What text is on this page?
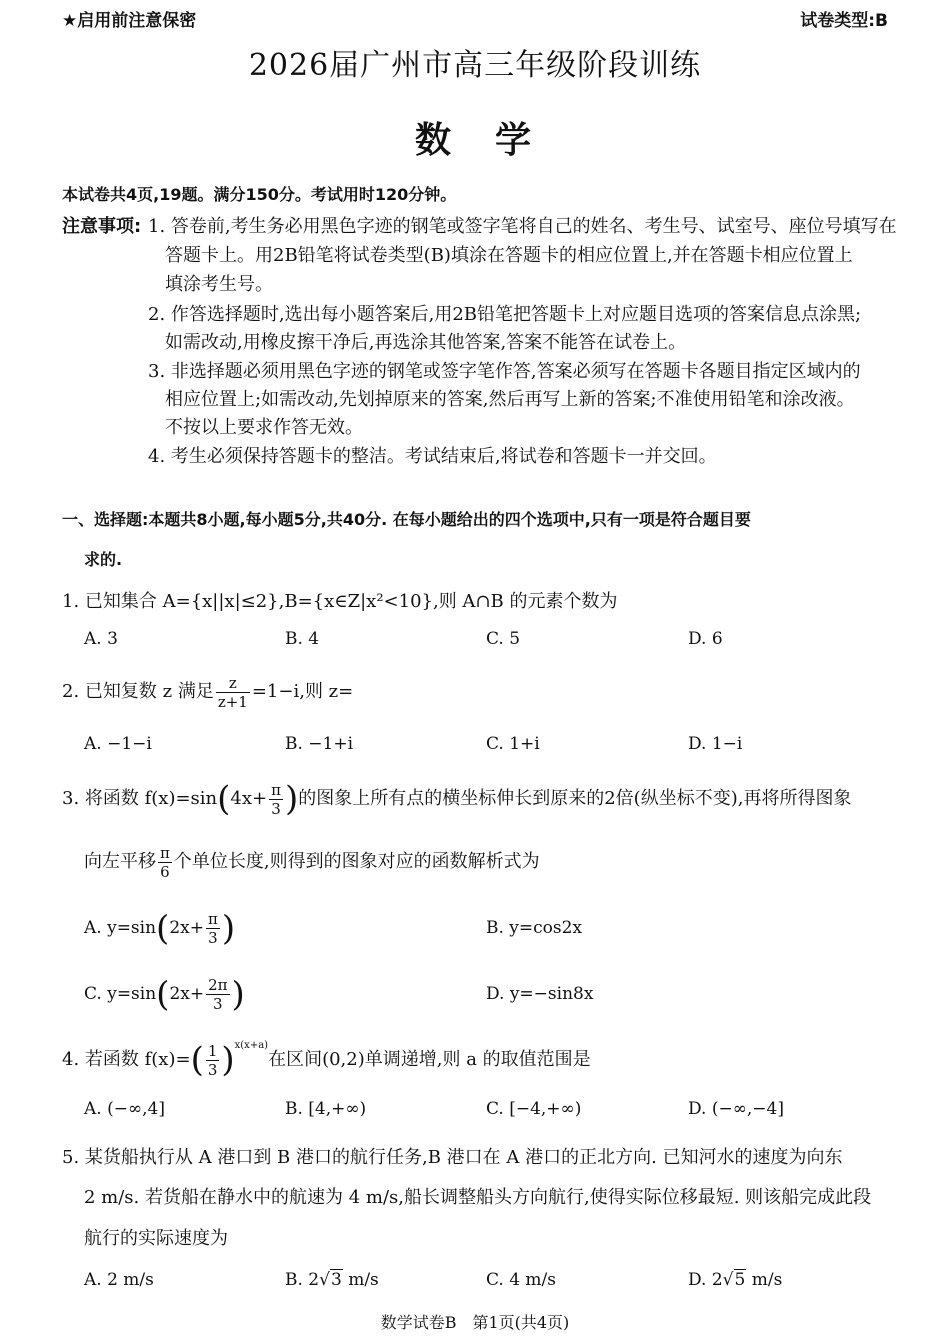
★启用前注意保密	试卷类型:B
2026届广州市高三年级阶段训练
数　学
本试卷共4页,19题。满分150分。考试用时120分钟。
注意事项: 1. 答卷前,考生务必用黑色字迹的钢笔或签字笔将自己的姓名、考生号、试室号、座位号填写在
答题卡上。用2B铅笔将试卷类型(B)填涂在答题卡的相应位置上,并在答题卡相应位置上
填涂考生号。
2. 作答选择题时,选出每小题答案后,用2B铅笔把答题卡上对应题目选项的答案信息点涂黑;
如需改动,用橡皮擦干净后,再选涂其他答案,答案不能答在试卷上。
3. 非选择题必须用黑色字迹的钢笔或签字笔作答,答案必须写在答题卡各题目指定区域内的
相应位置上;如需改动,先划掉原来的答案,然后再写上新的答案;不准使用铅笔和涂改液。
不按以上要求作答无效。
4. 考生必须保持答题卡的整洁。考试结束后,将试卷和答题卡一并交回。
一、选择题:本题共8小题,每小题5分,共40分. 在每小题给出的四个选项中,只有一项是符合题目要
求的.
1. 已知集合 A={x||x|≤2},B={x∈Z|x²<10},则 A∩B 的元素个数为
A. 3	B. 4	C. 5	D. 6
2. 已知复数 z 满足 $\frac{z}{z+1} =1-i$,则 z=
A. −1−i	B. −1+i	C. 1+i	D. 1−i
3. 将函数 $f(x)=\sin(4x+ \frac{\pi}{3}$ )的图象上所有点的横坐标伸长到原来的2倍(纵坐标不变),再将所得图象
向左平移 $\frac{\pi}{6}$ 个单位长度,则得到的图象对应的函数解析式为
A. $y=\sin(2x+ \frac{\pi}{3}$ )	B. y=cos2x
C. $y=\sin(2x+ \frac{2\pi}{3}$ )	D. y=−sin8x
4. 若函数 $f(x)=( \frac{1}{3} )^{x(x+a)}$在区间(0,2)单调递增,则 a 的取值范围是
A. (−∞,4]	B. [4,+∞)	C. [−4,+∞)	D. (−∞,−4]
5. 某货船执行从 A 港口到 B 港口的航行任务,B 港口在 A 港口的正北方向. 已知河水的速度为向东
2 m/s. 若货船在静水中的航速为 4 m/s,船长调整船头方向航行,使得实际位移最短. 则该船完成此段
航行的实际速度为
A. 2 m/s	B. 2√3 m/s	C. 4 m/s	D. 2√5 m/s
数学试卷B　第1页(共4页)
